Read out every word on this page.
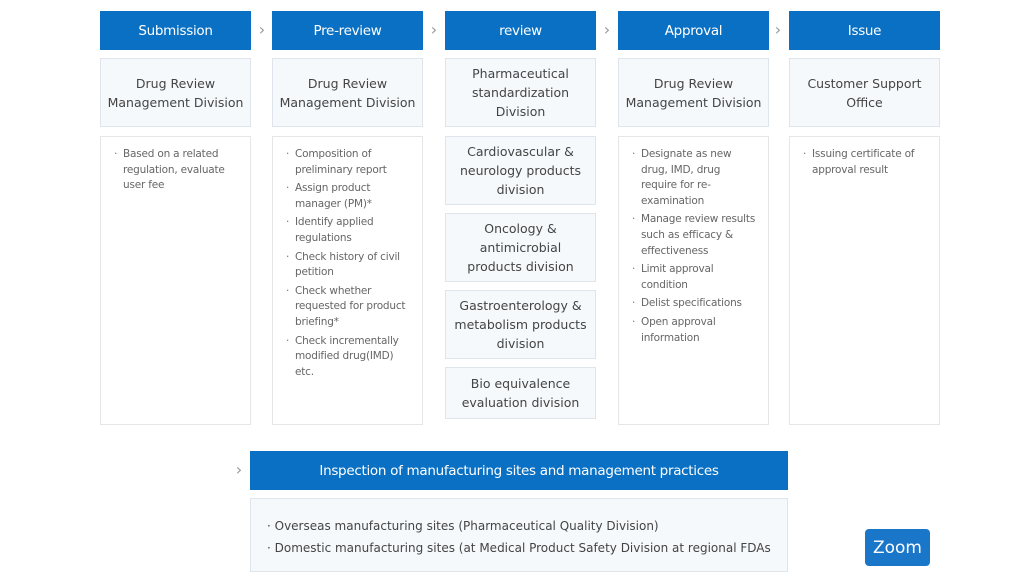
Submission
Drug Review Management Division
· Based on a related regulation, evaluate user fee
›	Pre-review
Drug Review Management Division
· Composition of preliminary report
· Assign product manager (PM)*
· Identify applied regulations
· Check history of civil petition
· Check whether requested for product briefing*
· Check incrementally modified drug(IMD) etc.
›	review
Pharmaceutical standardization Division
Cardiovascular & neurology products division
Oncology & antimicrobial products division
Gastroenterology & metabolism products division
Bio equivalence evaluation division
›	Approval
Drug Review Management Division
· Designate as new drug, IMD, drug require for re-examination
· Manage review results such as efficacy & effectiveness
· Limit approval condition
· Delist specifications
· Open approval information
›	Issue
Customer Support Office
· Issuing certificate of approval result
›	Inspection of manufacturing sites and management practices
· Overseas manufacturing sites (Pharmaceutical Quality Division)
· Domestic manufacturing sites (at Medical Product Safety Division at regional FDAs	Zoom
